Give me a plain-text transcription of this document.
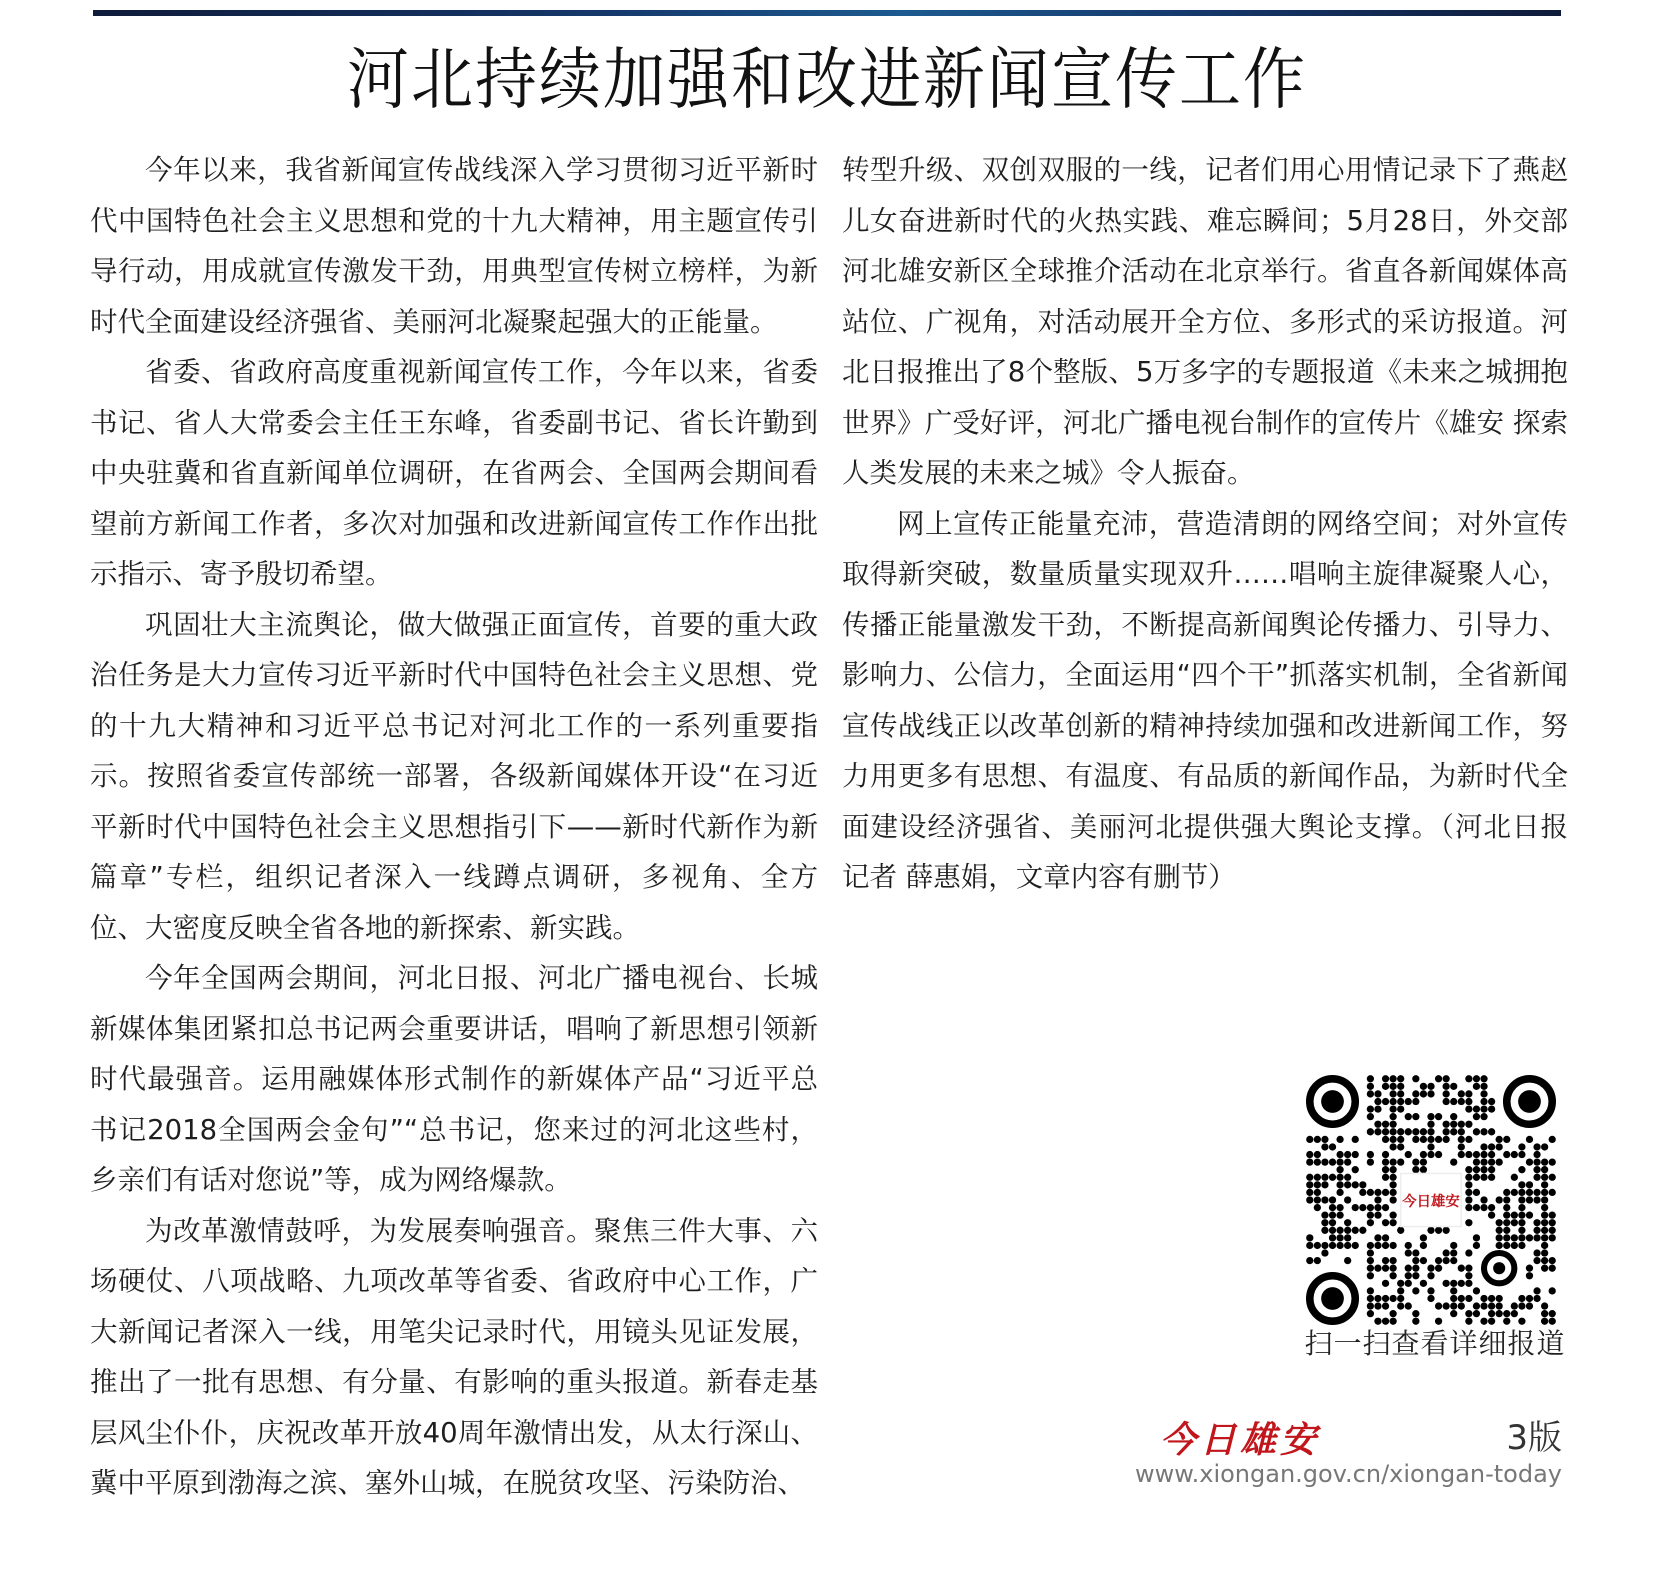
河北持续加强和改进新闻宣传工作

今年以来，我省新闻宣传战线深入学习贯彻习近平新时代中国特色社会主义思想和党的十九大精神，用主题宣传引导行动，用成就宣传激发干劲，用典型宣传树立榜样，为新时代全面建设经济强省、美丽河北凝聚起强大的正能量。

省委、省政府高度重视新闻宣传工作，今年以来，省委书记、省人大常委会主任王东峰，省委副书记、省长许勤到中央驻冀和省直新闻单位调研，在省两会、全国两会期间看望前方新闻工作者，多次对加强和改进新闻宣传工作作出批示指示、寄予殷切希望。

巩固壮大主流舆论，做大做强正面宣传，首要的重大政治任务是大力宣传习近平新时代中国特色社会主义思想、党的十九大精神和习近平总书记对河北工作的一系列重要指示。按照省委宣传部统一部署，各级新闻媒体开设“在习近平新时代中国特色社会主义思想指引下——新时代新作为新篇章”专栏，组织记者深入一线蹲点调研，多视角、全方位、大密度反映全省各地的新探索、新实践。

今年全国两会期间，河北日报、河北广播电视台、长城新媒体集团紧扣总书记两会重要讲话，唱响了新思想引领新时代最强音。运用融媒体形式制作的新媒体产品“习近平总书记2018全国两会金句”“总书记，您来过的河北这些村，乡亲们有话对您说”等，成为网络爆款。

为改革激情鼓呼，为发展奏响强音。聚焦三件大事、六场硬仗、八项战略、九项改革等省委、省政府中心工作，广大新闻记者深入一线，用笔尖记录时代，用镜头见证发展，推出了一批有思想、有分量、有影响的重头报道。新春走基层风尘仆仆，庆祝改革开放40周年激情出发，从太行深山、冀中平原到渤海之滨、塞外山城，在脱贫攻坚、污染防治、

转型升级、双创双服的一线，记者们用心用情记录下了燕赵儿女奋进新时代的火热实践、难忘瞬间；5月28日，外交部河北雄安新区全球推介活动在北京举行。省直各新闻媒体高站位、广视角，对活动展开全方位、多形式的采访报道。河北日报推出了8个整版、5万多字的专题报道《未来之城拥抱世界》广受好评，河北广播电视台制作的宣传片《雄安 探索人类发展的未来之城》令人振奋。

网上宣传正能量充沛，营造清朗的网络空间；对外宣传取得新突破，数量质量实现双升……唱响主旋律凝聚人心，传播正能量激发干劲，不断提高新闻舆论传播力、引导力、影响力、公信力，全面运用“四个干”抓落实机制，全省新闻宣传战线正以改革创新的精神持续加强和改进新闻工作，努力用更多有思想、有温度、有品质的新闻作品，为新时代全面建设经济强省、美丽河北提供强大舆论支撑。（河北日报记者 薛惠娟，文章内容有删节）

今日雄安
扫一扫查看详细报道
今日雄安	3版
www.xiongan.gov.cn/xiongan-today
